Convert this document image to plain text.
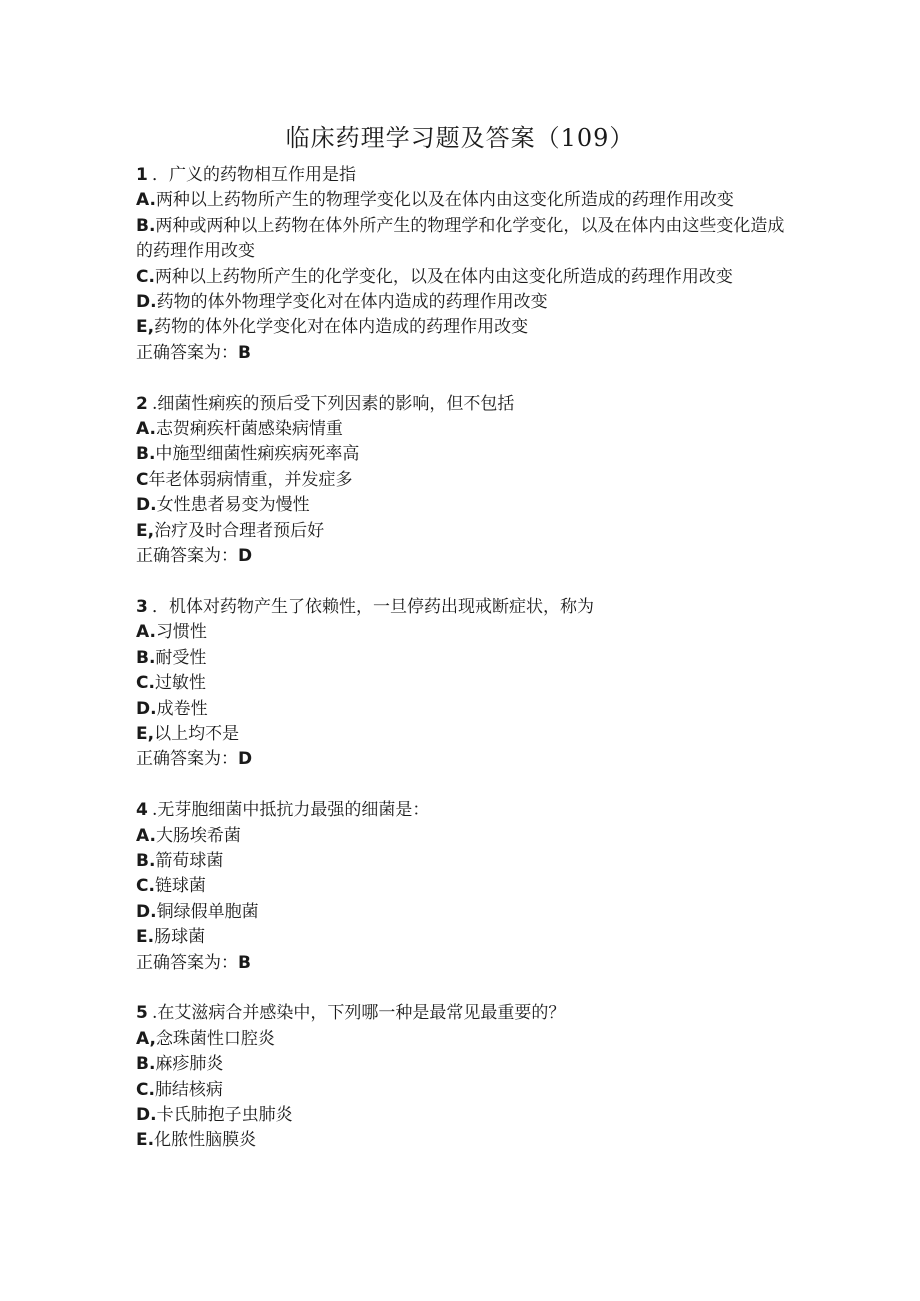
临床药理学习题及答案（109）
1 ．广义的药物相互作用是指
A.两种以上药物所产生的物理学变化以及在体内由这变化所造成的药理作用改变
B.两种或两种以上药物在体外所产生的物理学和化学变化，以及在体内由这些变化造成的药理作用改变
C.两种以上药物所产生的化学变化，以及在体内由这变化所造成的药理作用改变
D.药物的体外物理学变化对在体内造成的药理作用改变
E,药物的体外化学变化对在体内造成的药理作用改变
正确答案为：B
2 .细菌性痢疾的预后受下列因素的影响，但不包括
A.志贺痢疾杆菌感染病情重
B.中施型细菌性痢疾病死率高
C年老体弱病情重，并发症多
D.女性患者易变为慢性
E,治疗及时合理者预后好
正确答案为：D
3 ．机体对药物产生了依赖性，一旦停药出现戒断症状，称为
A.习惯性
B.耐受性
C.过敏性
D.成卷性
E,以上均不是
正确答案为：D
4 .无芽胞细菌中抵抗力最强的细菌是：
A.大肠埃希菌
B.箭荀球菌
C.链球菌
D.铜绿假单胞菌
E.肠球菌
正确答案为：B
5 .在艾滋病合并感染中，下列哪一种是最常见最重要的？
A,念珠菌性口腔炎
B.麻疹肺炎
C.肺结核病
D.卡氏肺抱子虫肺炎
E.化脓性脑膜炎
